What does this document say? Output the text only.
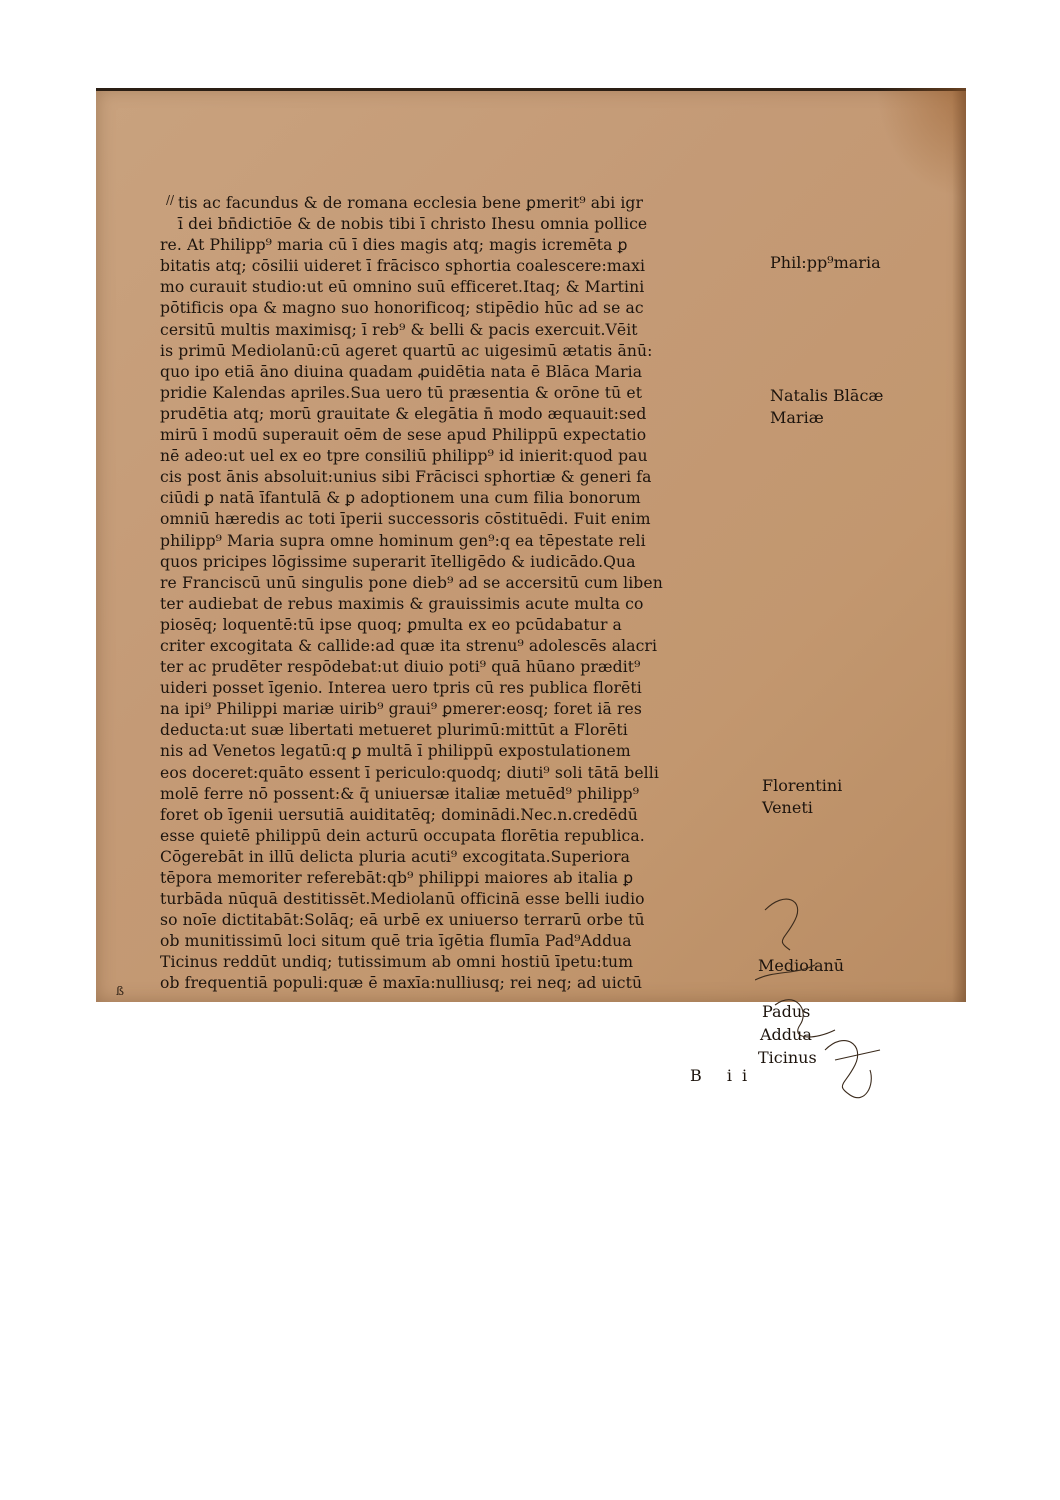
//
ß
tis ac facundus & de romana ecclesia bene ꝑmerit⁹ abi igr
ī dei bn̄dictiōe & de nobis tibi ī christo Ihesu omnia pollice
re. At Philipp⁹ maria cū ī dies magis atq; magis icremēta ꝑ
bitatis atq; cōsilii uideret ī frācisco sphortia coalescere:maxi
mo curauit studio:ut eū omnino suū efficeret.Itaq; & Martini
pōtificis opa & magno suo honorificoq; stipēdio hūc ad se ac
cersitū multis maximisq; ī reb⁹ & belli & pacis exercuit.Vēit
is primū Mediolanū:cū ageret quartū ac uigesimū ætatis ānū:
quo ipo etiā āno diuina quadam ꝓuidētia nata ē Blāca Maria
pridie Kalendas apriles.Sua uero tū præsentia & orōne tū et
prudētia atq; morū grauitate & elegātia n̄ modo æquauit:sed
mirū ī modū superauit oēm de sese apud Philippū expectatio
nē adeo:ut uel ex eo tpre consiliū philipp⁹ id inierit:quod pau
cis post ānis absoluit:unius sibi Frācisci sphortiæ & generi fa
ciūdi ꝑ natā īfantulā & ꝑ adoptionem una cum filia bonorum
omniū hæredis ac toti īperii successoris cōstituēdi. Fuit enim
philipp⁹ Maria supra omne hominum gen⁹:q ea tēpestate reli
quos pricipes lōgissime superarit ītelligēdo & iudicādo.Qua
re Franciscū unū singulis pone dieb⁹ ad se accersitū cum liben
ter audiebat de rebus maximis & grauissimis acute multa co
piosēq; loquentē:tū ipse quoq; ꝑmulta ex eo pcūdabatur a
criter excogitata & callide:ad quæ ita strenu⁹ adolescēs alacri
ter ac prudēter respōdebat:ut diuio poti⁹ quā hūano prædit⁹
uideri posset īgenio. Interea uero tpris cū res publica florēti
na ipi⁹ Philippi mariæ uirib⁹ graui⁹ ꝑmerer:eosq; foret iā res
deducta:ut suæ libertati metueret plurimū:mittūt a Florēti
nis ad Venetos legatū:q ꝑ multā ī philippū expostulationem
eos doceret:quāto essent ī periculo:quodq; diuti⁹ soli tātā belli
molē ferre nō possent:& q̄ uniuersæ italiæ metuēd⁹ philipp⁹
foret ob īgenii uersutiā auiditatēq; dominādi.Nec.n.credēdū
esse quietē philippū dein acturū occupata florētia republica.
Cōgerebāt in illū delicta pluria acuti⁹ excogitata.Superiora
tēpora memoriter referebāt:qb⁹ philippi maiores ab italia ꝑ
turbāda nūquā destitissēt.Mediolanū officinā esse belli iudio
so noīe dictitabāt:Solāq; eā urbē ex uniuerso terrarū orbe tū
ob munitissimū loci situm quē tria īgētia flumīa Pad⁹Addua
Ticinus reddūt undiq; tutissimum ab omni hostiū īpetu:tum
ob frequentiā populi:quæ ē maxīa:nulliusq; rei neq; ad uictū
Phil:pp⁹maria
Natalis Blācæ
Mariæ
Florentini
Veneti
Mediolanū
Padus
Addua
Ticinus
B ii
